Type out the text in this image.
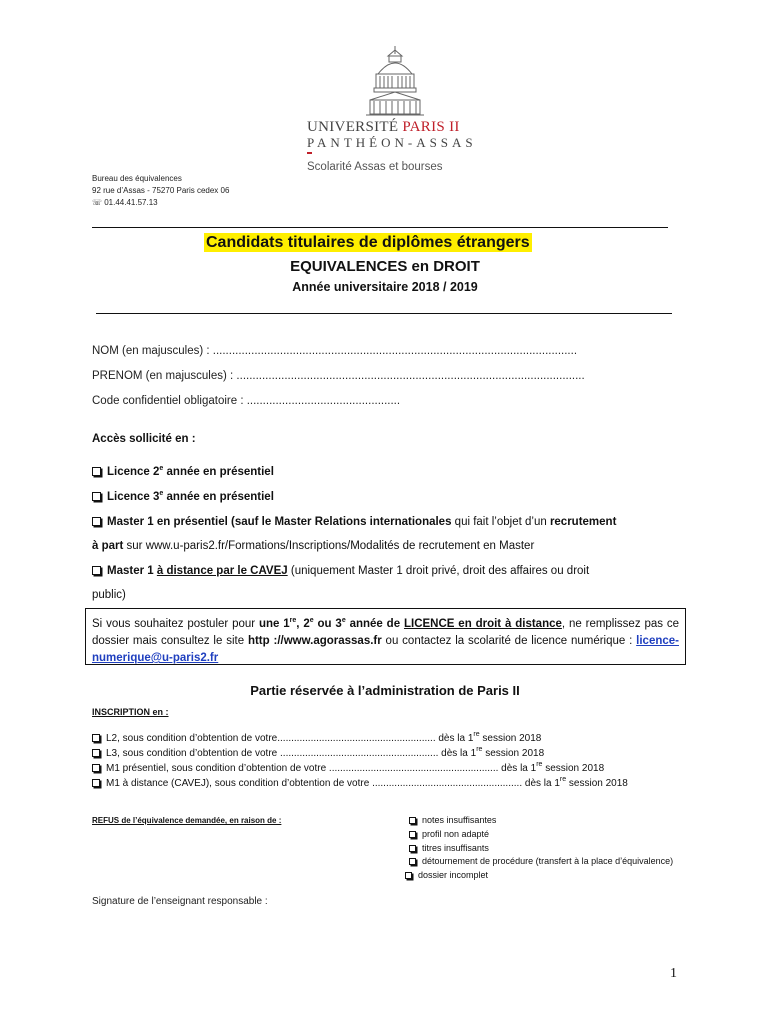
UNIVERSITÉ PARIS II
PANTHÉON-ASSAS
Scolarité Assas et bourses
Bureau des équivalences
92 rue d’Assas - 75270 Paris cedex 06
☏ 01.44.41.57.13
Candidats titulaires de diplômes étrangers
EQUIVALENCES en DROIT
Année universitaire 2018 / 2019
NOM (en majuscules) : ..................................................................................................................
PRENOM (en majuscules) : .............................................................................................................
Code confidentiel obligatoire : ................................................
Accès sollicité en :
Licence 2e année en présentiel
Licence 3e année en présentiel
Master 1 en présentiel (sauf le Master Relations internationales qui fait l’objet d’un recrutement
à part sur www.u-paris2.fr/Formations/Inscriptions/Modalités de recrutement en Master
Master 1 à distance par le CAVEJ (uniquement Master 1 droit privé, droit des affaires ou droit
public)
Si vous souhaitez postuler pour une 1re, 2e ou 3e année de LICENCE en droit à distance, ne remplissez pas ce dossier mais consultez le site http ://www.agorassas.fr ou contactez la scolarité de licence numérique : licence-numerique@u-paris2.fr
Partie réservée à l’administration de Paris II
INSCRIPTION en :
L2, sous condition d’obtention de votre......................................................... dès la 1re session 2018
L3, sous condition d’obtention de votre ......................................................... dès la 1re session 2018
M1 présentiel, sous condition d’obtention de votre ............................................................. dès la 1re session 2018
M1 à distance (CAVEJ), sous condition d’obtention de votre ...................................................... dès la 1re session 2018
REFUS de l’équivalence demandée, en raison de :	notes insuffisantes
profil non adapté
titres insuffisants
détournement de procédure (transfert à la place d’équivalence)
dossier incomplet
Signature de l’enseignant responsable :
1
